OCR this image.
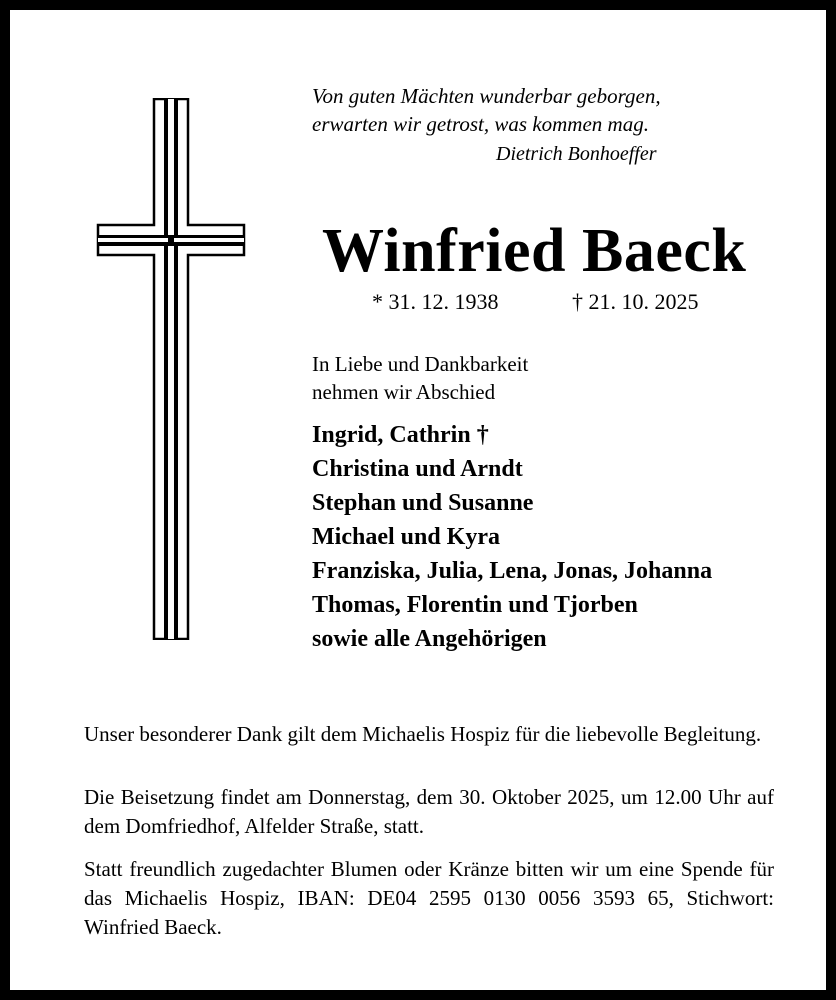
Von guten Mächten wunderbar geborgen,
erwarten wir getrost, was kommen mag.
Dietrich Bonhoeffer
Winfried Baeck
* 31. 12. 1938	† 21. 10. 2025
In Liebe und Dankbarkeit
nehmen wir Abschied
Ingrid, Cathrin †
Christina und Arndt
Stephan und Susanne
Michael und Kyra
Franziska, Julia, Lena, Jonas, Johanna
Thomas, Florentin und Tjorben
sowie alle Angehörigen
Unser besonderer Dank gilt dem Michaelis Hospiz für die liebevolle Begleitung.
Die Beisetzung findet am Donnerstag, dem 30. Oktober 2025, um 12.00 Uhr auf dem Domfriedhof, Alfelder Straße, statt.
Statt freundlich zugedachter Blumen oder Kränze bitten wir um eine Spende für das Michaelis Hospiz, IBAN: DE04 2595 0130 0056 3593 65, Stichwort: Winfried Baeck.
